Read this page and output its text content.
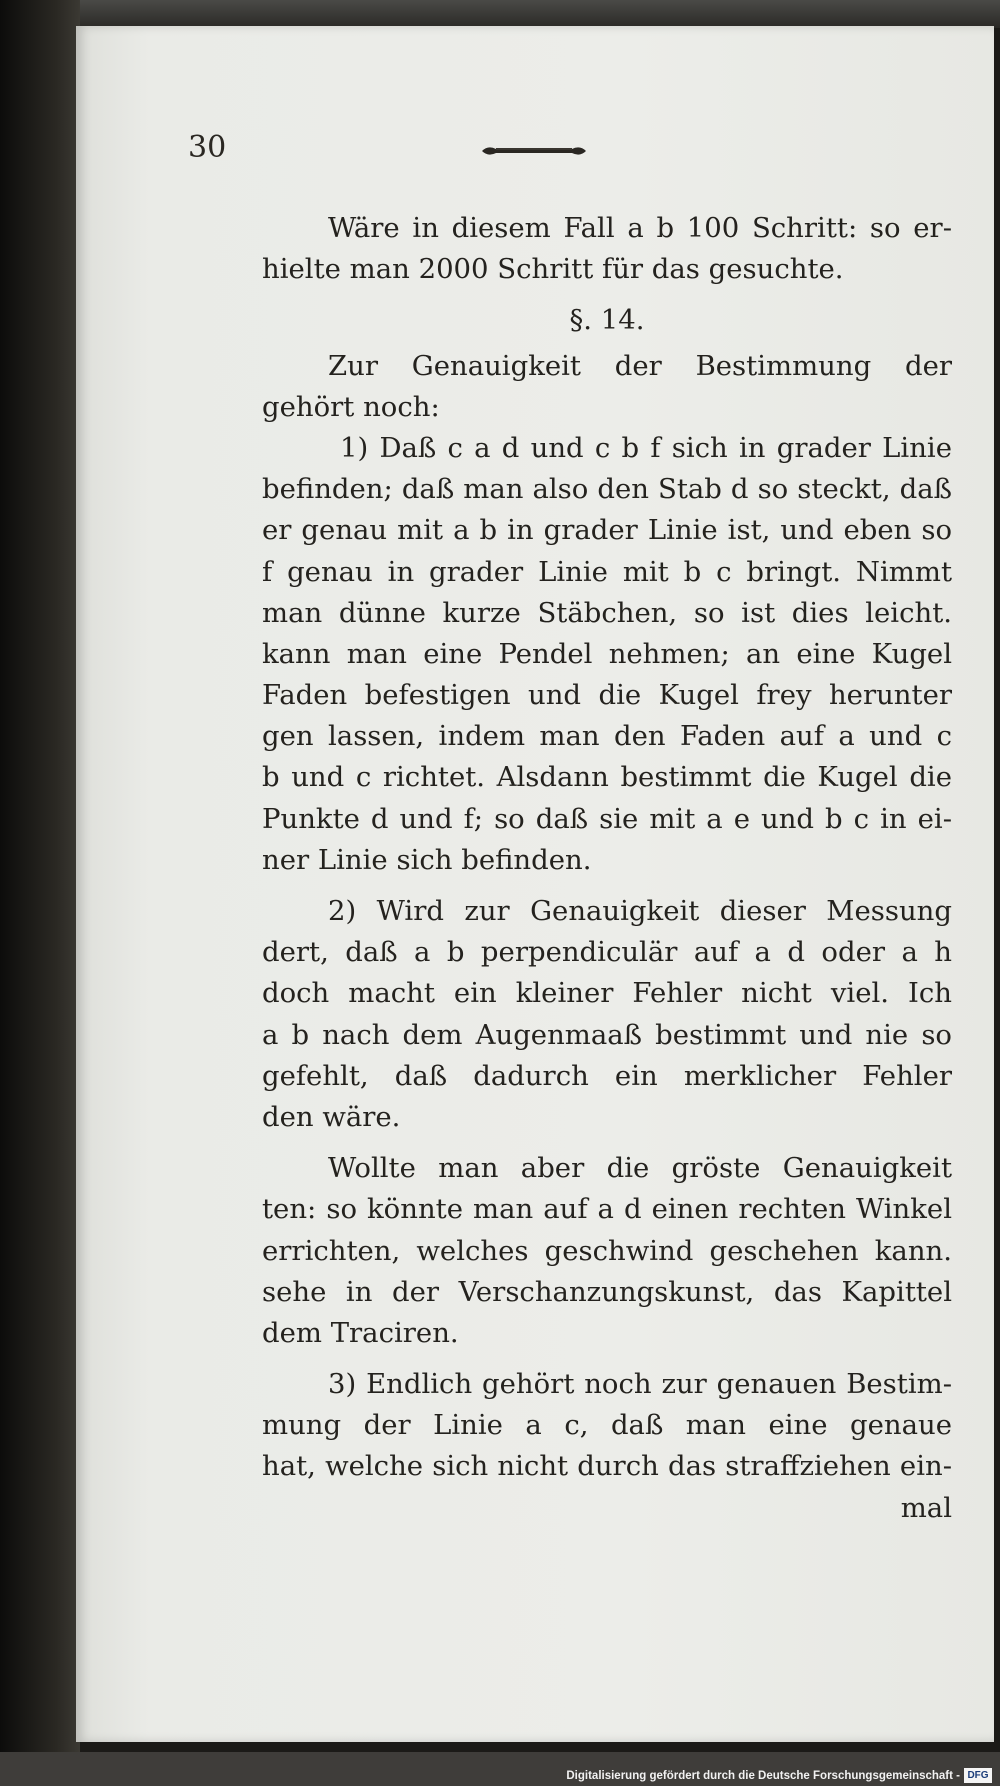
30
Wäre in diesem Fall a b 100 Schritt: so er-
hielte man 2000 Schritt für das gesuchte.
§. 14.
Zur Genauigkeit der Bestimmung der
gehört noch:
1) Daß c a d und c b f sich in grader Linie
befinden; daß man also den Stab d so steckt, daß
er genau mit a b in grader Linie ist, und eben so
f genau in grader Linie mit b c bringt. Nimmt
man dünne kurze Stäbchen, so ist dies leicht.
kann man eine Pendel nehmen; an eine Kugel
Faden befestigen und die Kugel frey herunter
gen lassen, indem man den Faden auf a und c
b und c richtet. Alsdann bestimmt die Kugel die
Punkte d und f; so daß sie mit a e und b c in ei-
ner Linie sich befinden.
2) Wird zur Genauigkeit dieser Messung
dert, daß a b perpendiculär auf a d oder a h
doch macht ein kleiner Fehler nicht viel. Ich
a b nach dem Augenmaaß bestimmt und nie so
gefehlt, daß dadurch ein merklicher Fehler
den wäre.
Wollte man aber die gröste Genauigkeit
ten: so könnte man auf a d einen rechten Winkel
errichten, welches geschwind geschehen kann.
sehe in der Verschanzungskunst, das Kapittel
dem Traciren.
3) Endlich gehört noch zur genauen Bestim-
mung der Linie a c, daß man eine genaue
hat, welche sich nicht durch das straffziehen ein-
mal
Digitalisierung gefördert durch die Deutsche Forschungsgemeinschaft - DFG
